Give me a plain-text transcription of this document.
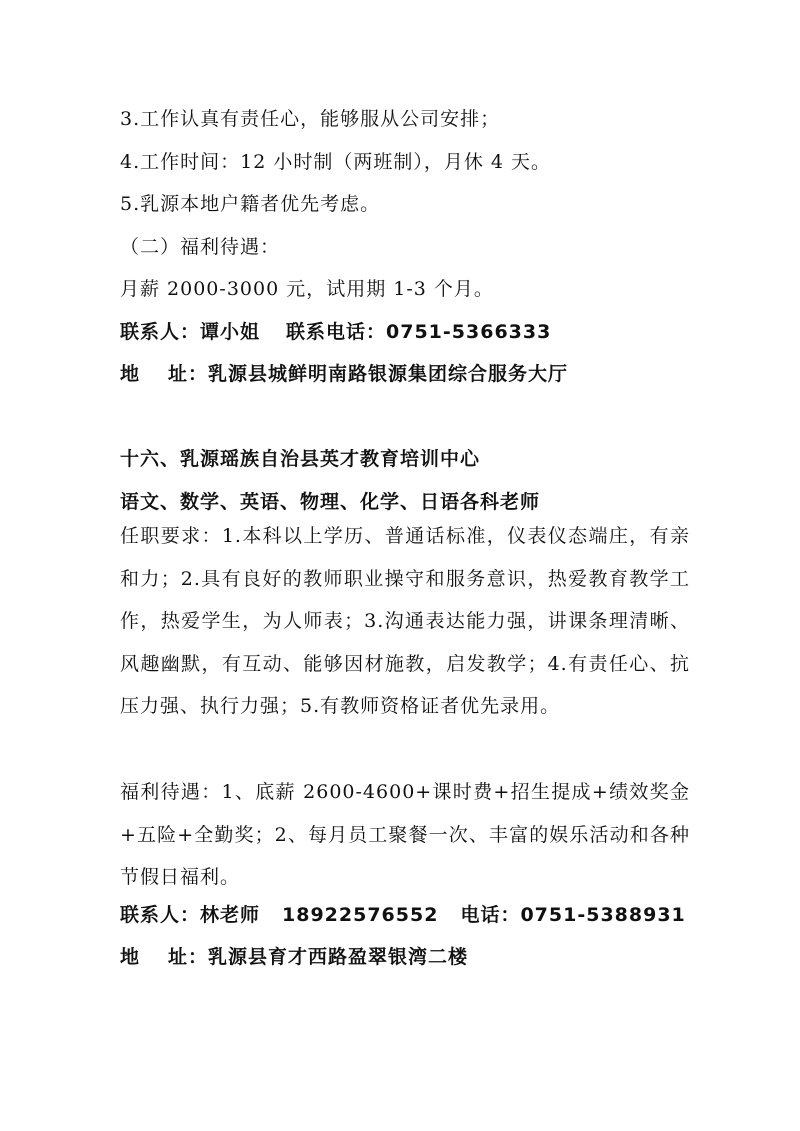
3.工作认真有责任心，能够服从公司安排；
4.工作时间：12 小时制（两班制），月休 4 天。
5.乳源本地户籍者优先考虑。
（二）福利待遇：
月薪 2000-3000 元，试用期 1-3 个月。
联系人：谭小姐 联系电话：0751-5366333
地 址：乳源县城鲜明南路银源集团综合服务大厅
十六、乳源瑶族自治县英才教育培训中心
语文、数学、英语、物理、化学、日语各科老师
任职要求：1.本科以上学历、普通话标准，仪表仪态端庄，有亲和力；2.具有良好的教师职业操守和服务意识，热爱教育教学工作，热爱学生，为人师表；3.沟通表达能力强，讲课条理清晰、风趣幽默，有互动、能够因材施教，启发教学；4.有责任心、抗压力强、执行力强；5.有教师资格证者优先录用。
福利待遇：1、底薪 2600-4600+课时费+招生提成+绩效奖金+五险+全勤奖；2、每月员工聚餐一次、丰富的娱乐活动和各种节假日福利。
联系人：林老师 18922576552 电话：0751-5388931
地 址：乳源县育才西路盈翠银湾二楼
